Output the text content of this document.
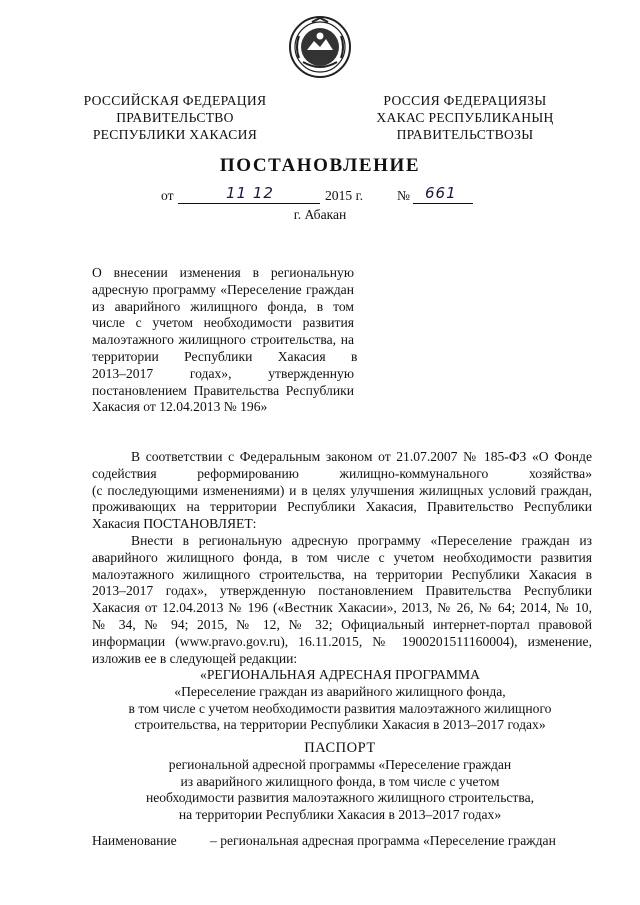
РОССИЙСКАЯ ФЕДЕРАЦИЯ
ПРАВИТЕЛЬСТВО
РЕСПУБЛИКИ ХАКАСИЯ
РОССИЯ ФЕДЕРАЦИЯЗЫ
ХАКАС РЕСПУБЛИКАНЫҢ
ПРАВИТЕЛЬСТВОЗЫ
ПОСТАНОВЛЕНИЕ
от	11 12	2015 г. № 661
г. Абакан
О внесении изменения в региональную
адресную программу «Переселение граждан
из аварийного жилищного фонда, в том
числе с учетом необходимости развития
малоэтажного жилищного строительства, на
территории Республики Хакасия в
2013–2017 годах», утвержденную
постановлением Правительства Республики
Хакасия от 12.04.2013 № 196»
В соответствии с Федеральным законом от 21.07.2007 № 185-ФЗ «О Фонде
содействия реформированию жилищно-коммунального хозяйства»
(с последующими изменениями) и в целях улучшения жилищных условий граждан,
проживающих на территории Республики Хакасия, Правительство Республики
Хакасия ПОСТАНОВЛЯЕТ:
Внести в региональную адресную программу «Переселение граждан из
аварийного жилищного фонда, в том числе с учетом необходимости развития
малоэтажного жилищного строительства, на территории Республики Хакасия в
2013–2017 годах», утвержденную постановлением Правительства Республики
Хакасия от 12.04.2013 № 196 («Вестник Хакасии», 2013, № 26, № 64; 2014, № 10,
№ 34, № 94; 2015, № 12, № 32; Официальный интернет-портал правовой
информации (www.pravo.gov.ru), 16.11.2015, № 1900201511160004), изменение,
изложив ее в следующей редакции:
«РЕГИОНАЛЬНАЯ АДРЕСНАЯ ПРОГРАММА
«Переселение граждан из аварийного жилищного фонда,
в том числе с учетом необходимости развития малоэтажного жилищного
строительства, на территории Республики Хакасия в 2013–2017 годах»
ПАСПОРТ
региональной адресной программы «Переселение граждан
из аварийного жилищного фонда, в том числе с учетом
необходимости развития малоэтажного жилищного строительства,
на территории Республики Хакасия в 2013–2017 годах»
Наименование – региональная адресная программа «Переселение граждан
